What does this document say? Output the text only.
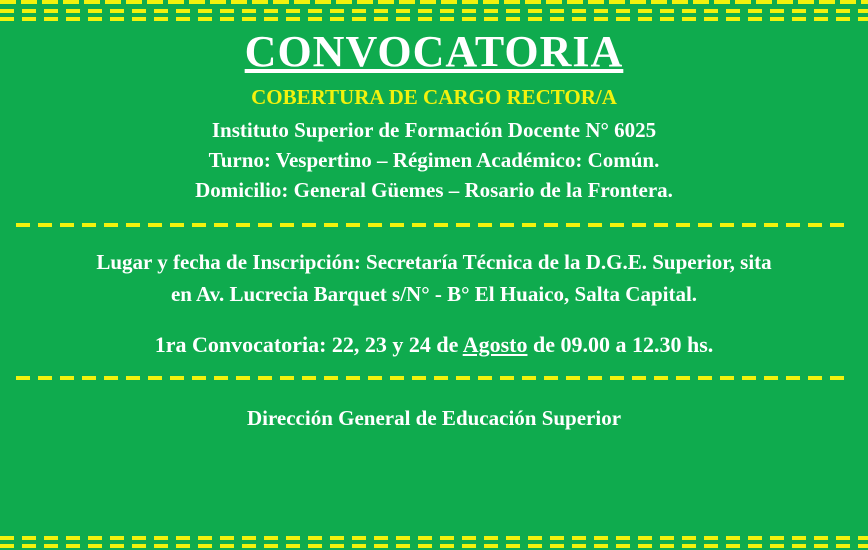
CONVOCATORIA
COBERTURA DE CARGO RECTOR/A
Instituto Superior de Formación Docente N° 6025
Turno: Vespertino – Régimen Académico: Común.
Domicilio: General Güemes – Rosario de la Frontera.
Lugar y fecha de Inscripción: Secretaría Técnica de la D.G.E. Superior, sita
en Av. Lucrecia Barquet s/N° - B° El Huaico, Salta Capital.
1ra Convocatoria: 22, 23 y 24 de Agosto de 09.00 a 12.30 hs.
Dirección General de Educación Superior
